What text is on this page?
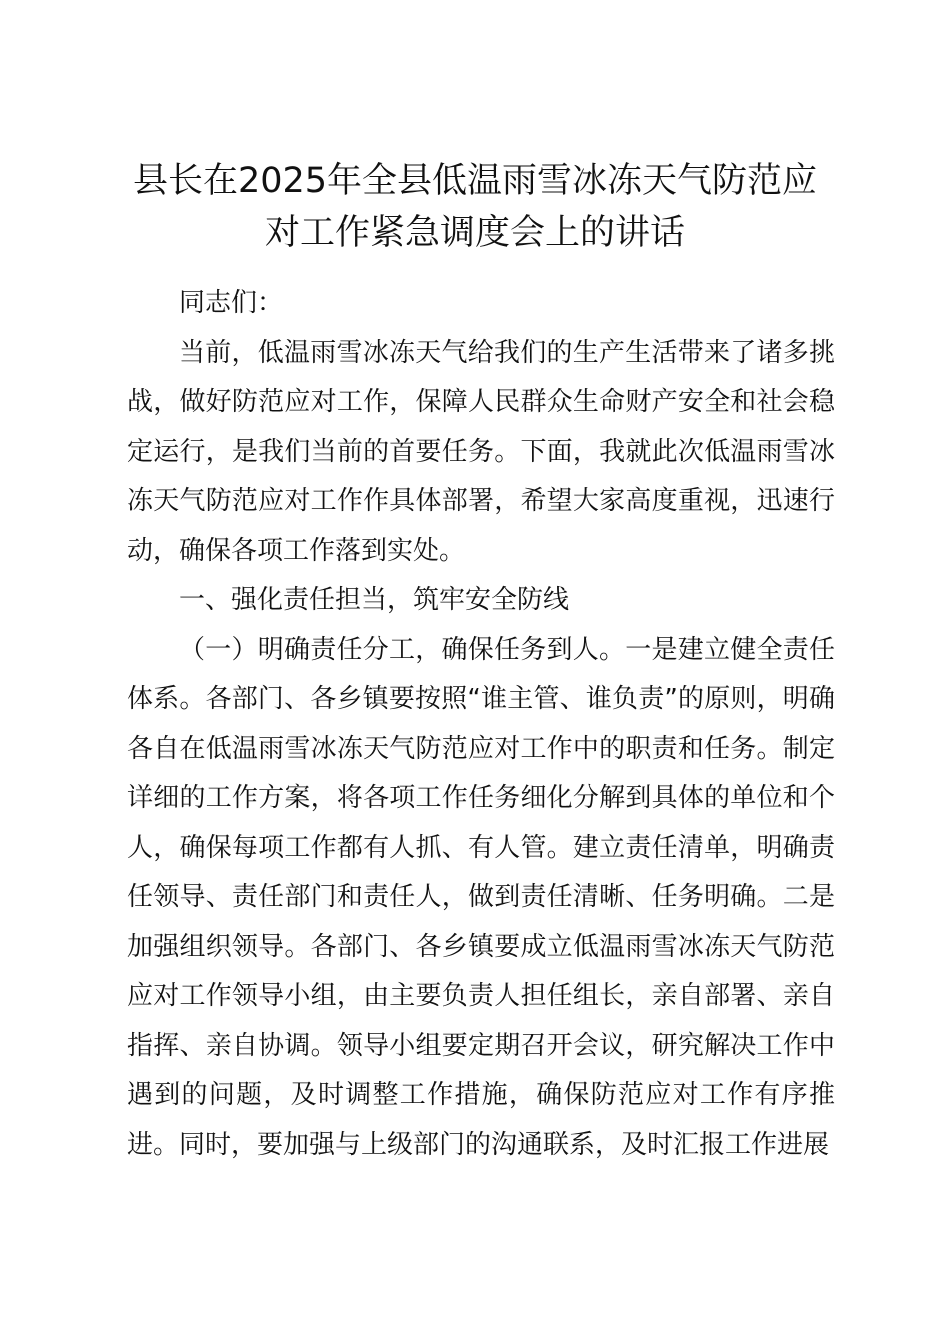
县长在2025年全县低温雨雪冰冻天气防范应对工作紧急调度会上的讲话

同志们：

当前，低温雨雪冰冻天气给我们的生产生活带来了诸多挑战，做好防范应对工作，保障人民群众生命财产安全和社会稳定运行，是我们当前的首要任务。下面，我就此次低温雨雪冰冻天气防范应对工作作具体部署，希望大家高度重视，迅速行动，确保各项工作落到实处。

一、强化责任担当，筑牢安全防线

（一）明确责任分工，确保任务到人。一是建立健全责任体系。各部门、各乡镇要按照“谁主管、谁负责”的原则，明确各自在低温雨雪冰冻天气防范应对工作中的职责和任务。制定详细的工作方案，将各项工作任务细化分解到具体的单位和个人，确保每项工作都有人抓、有人管。建立责任清单，明确责任领导、责任部门和责任人，做到责任清晰、任务明确。二是加强组织领导。各部门、各乡镇要成立低温雨雪冰冻天气防范应对工作领导小组，由主要负责人担任组长，亲自部署、亲自指挥、亲自协调。领导小组要定期召开会议，研究解决工作中遇到的问题，及时调整工作措施，确保防范应对工作有序推进。同时，要加强与上级部门的沟通联系，及时汇报工作进展
